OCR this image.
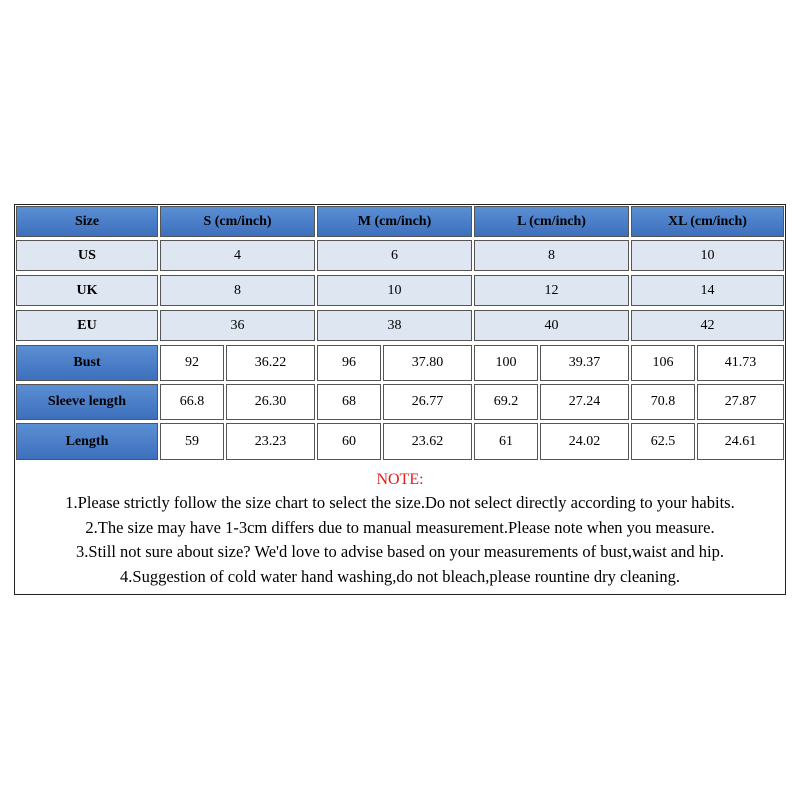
Size	S (cm/inch)	M (cm/inch)	L (cm/inch)	XL (cm/inch)
US	4	6	8	10
UK	8	10	12	14
EU	36	38	40	42
Bust	92	36.22	96	37.80	100	39.37	106	41.73
Sleeve length	66.8	26.30	68	26.77	69.2	27.24	70.8	27.87
Length	59	23.23	60	23.62	61	24.02	62.5	24.61
NOTE:
1.Please strictly follow the size chart to select the size.Do not select directly according to your habits.
2.The size may have 1-3cm differs due to manual measurement.Please note when you measure.
3.Still not sure about size? We'd love to advise based on your measurements of bust,waist and hip.
4.Suggestion of cold water hand washing,do not bleach,please rountine dry cleaning.
